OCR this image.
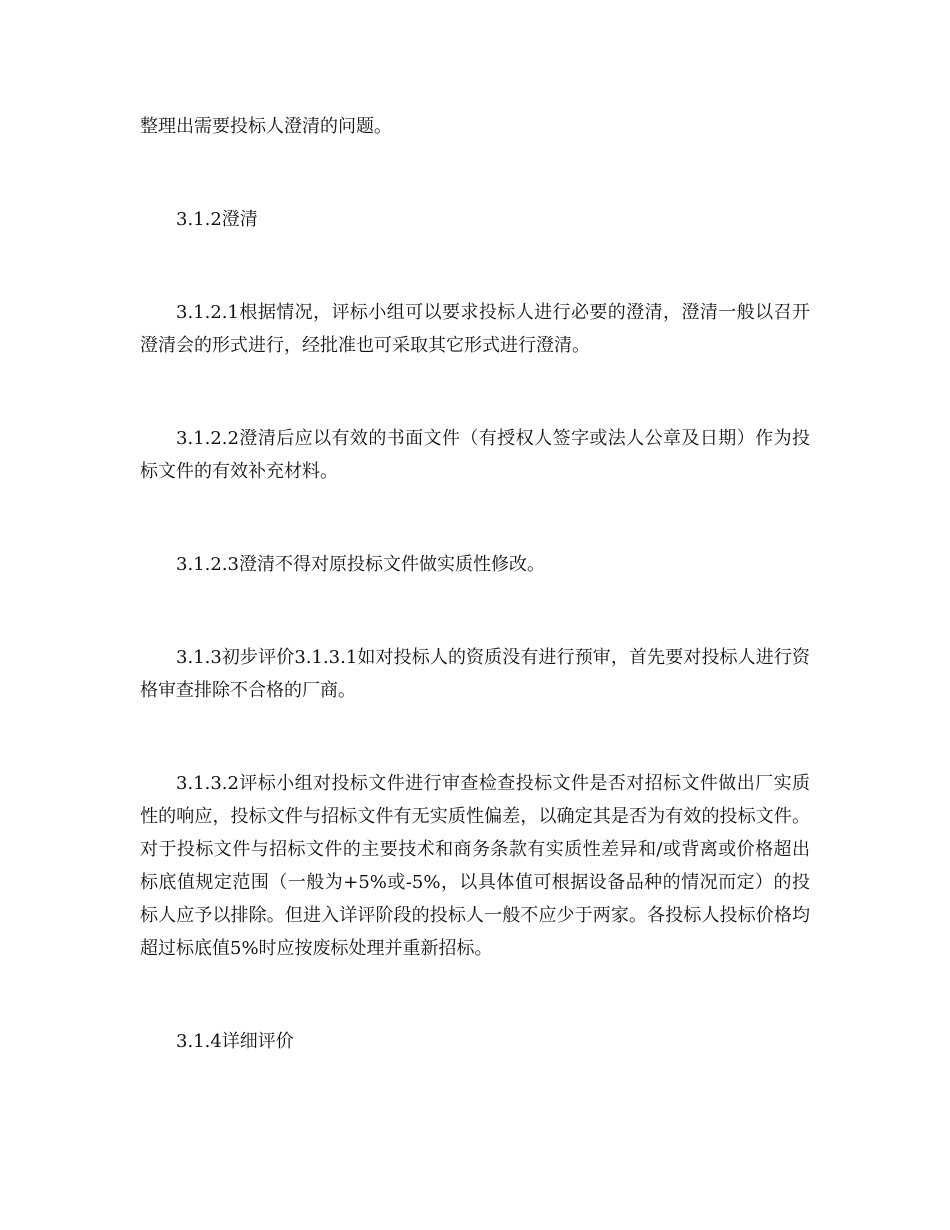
整理出需要投标人澄清的问题。

3.1.2澄清

3.1.2.1根据情况，评标小组可以要求投标人进行必要的澄清，澄清一般以召开澄清会的形式进行，经批准也可采取其它形式进行澄清。

3.1.2.2澄清后应以有效的书面文件（有授权人签字或法人公章及日期）作为投标文件的有效补充材料。

3.1.2.3澄清不得对原投标文件做实质性修改。

3.1.3初步评价3.1.3.1如对投标人的资质没有进行预审，首先要对投标人进行资格审查排除不合格的厂商。

3.1.3.2评标小组对投标文件进行审查检查投标文件是否对招标文件做出厂实质性的响应，投标文件与招标文件有无实质性偏差，以确定其是否为有效的投标文件。对于投标文件与招标文件的主要技术和商务条款有实质性差异和/或背离或价格超出标底值规定范围（一般为+5%或-5%，以具体值可根据设备品种的情况而定）的投标人应予以排除。但进入详评阶段的投标人一般不应少于两家。各投标人投标价格均超过标底值5%时应按废标处理并重新招标。

3.1.4详细评价
